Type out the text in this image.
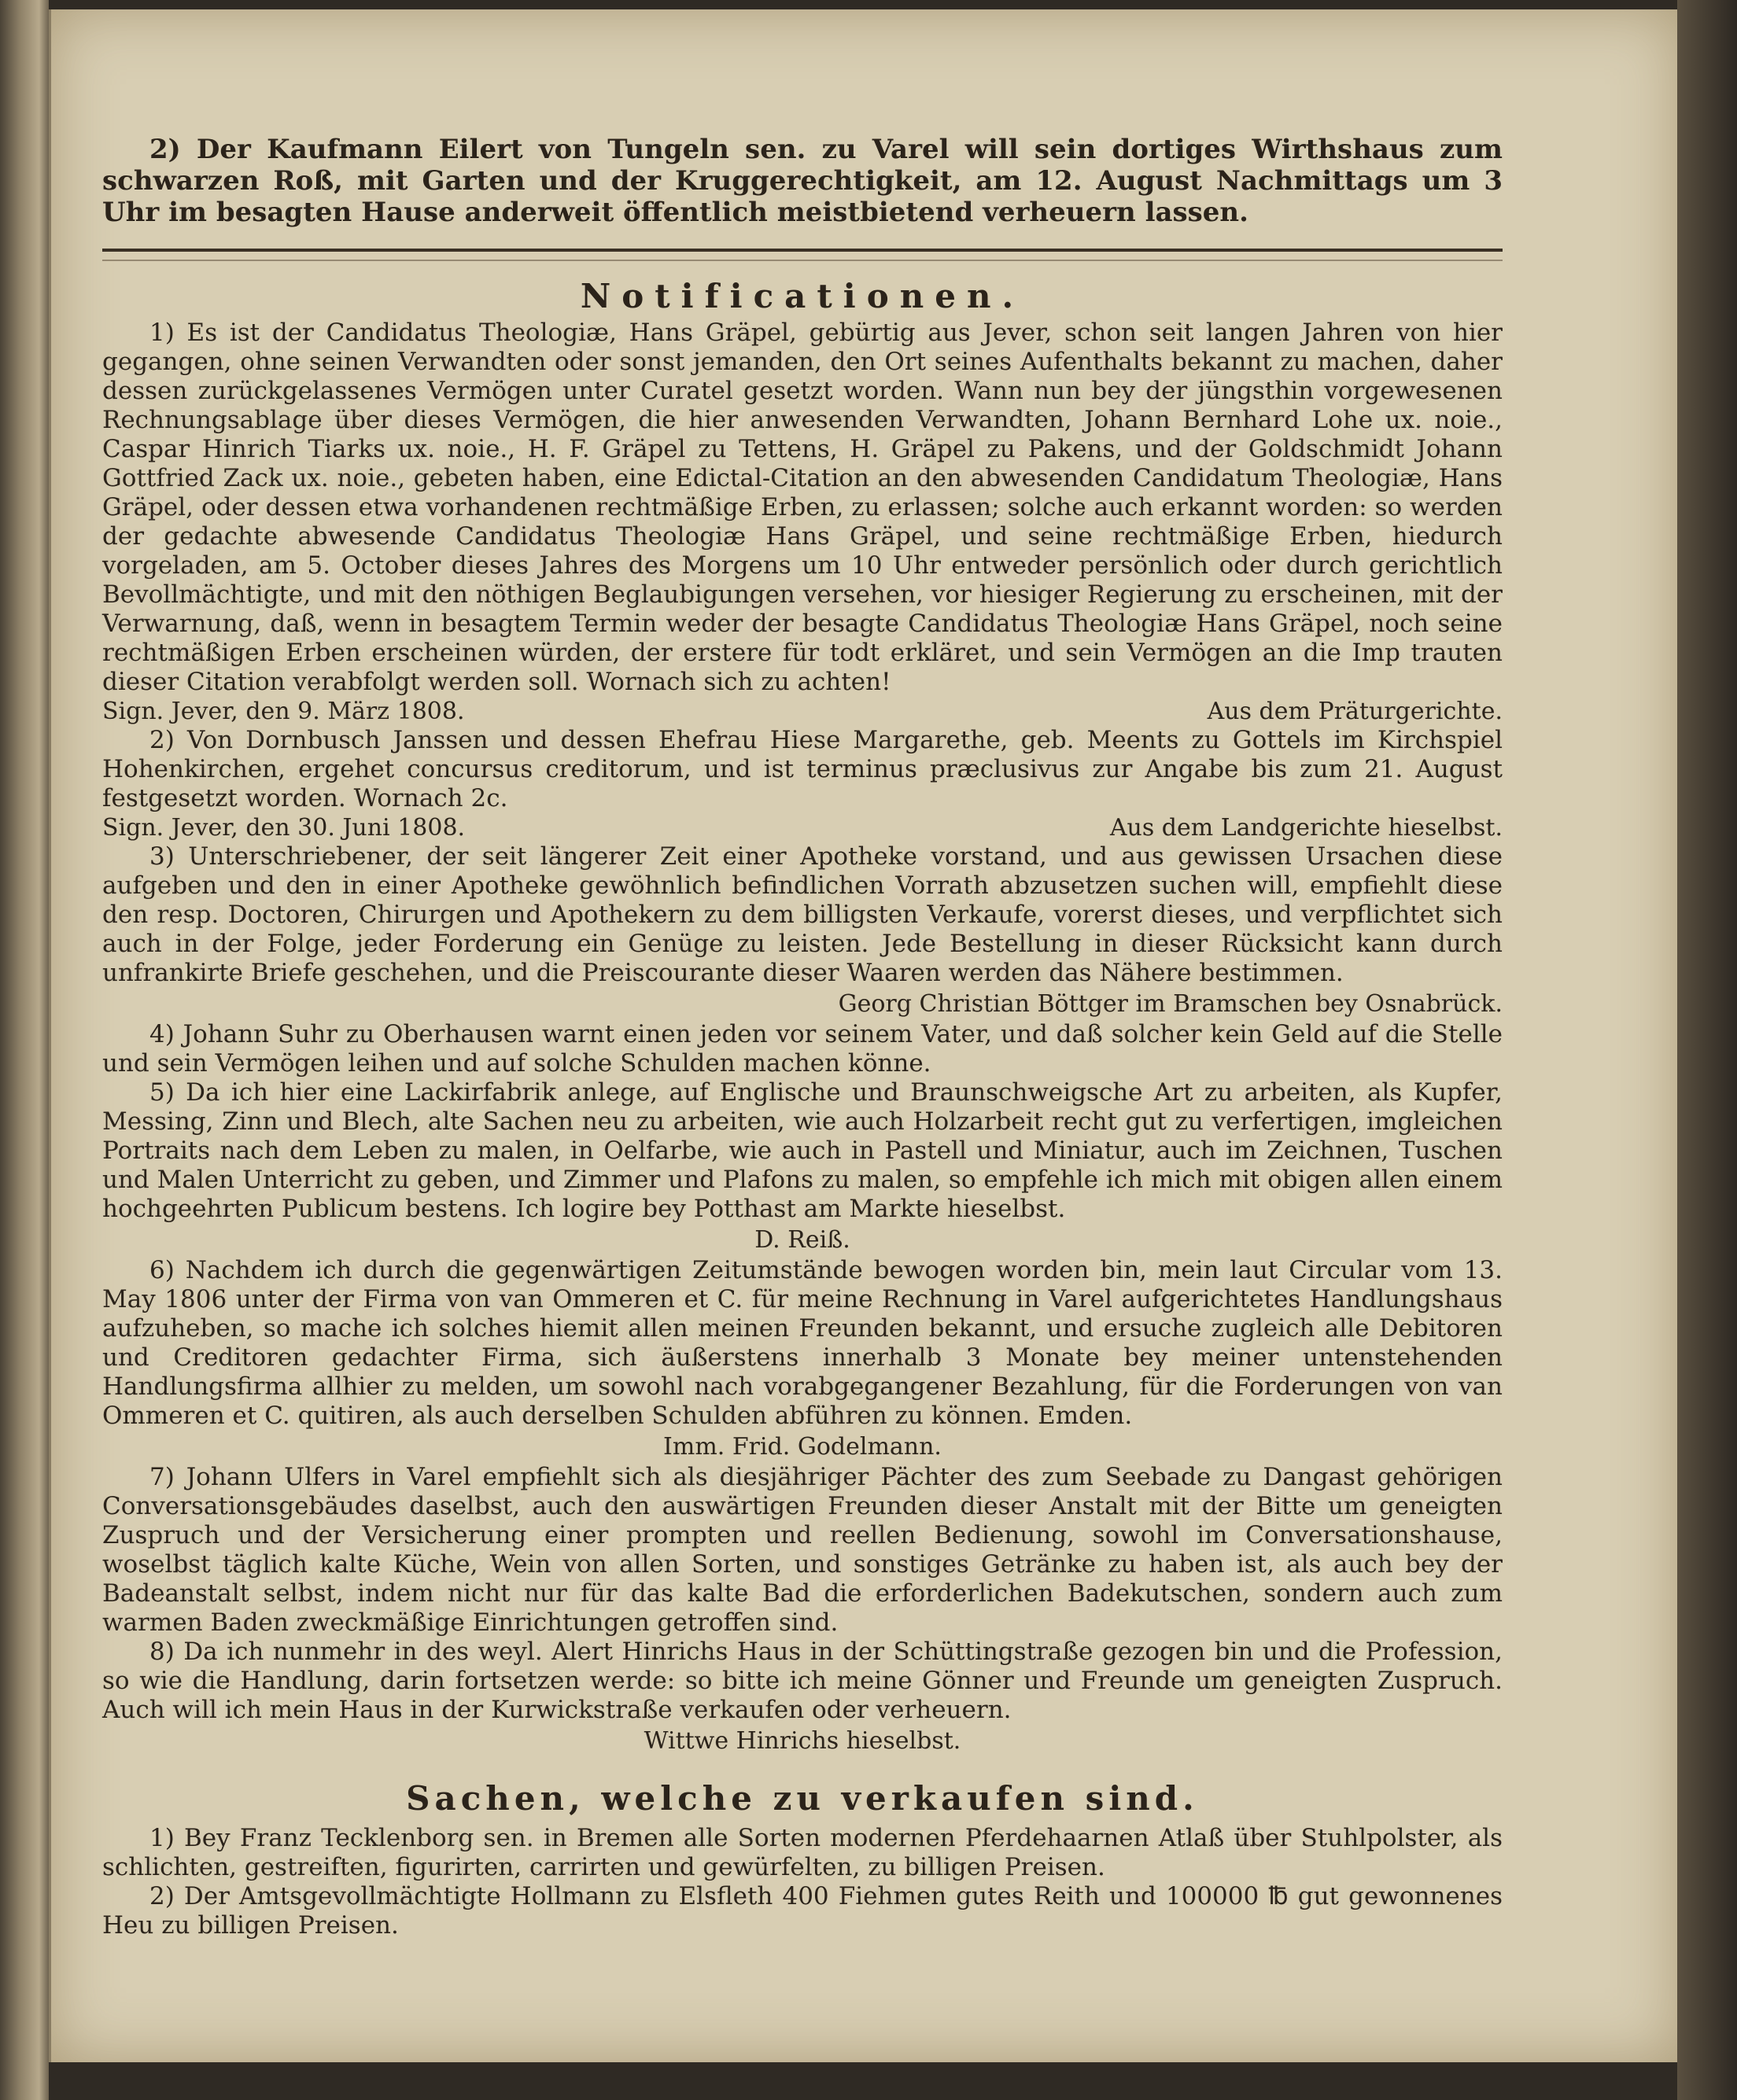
2) Der Kaufmann Eilert von Tungeln sen. zu Varel will sein dortiges Wirthshaus zum schwarzen Roß, mit Garten und der Kruggerechtigkeit, am 12. August Nachmittags um 3 Uhr im besagten Hause anderweit öffentlich meistbietend verheuern lassen.

Notificationen.

1) Es ist der Candidatus Theologiæ, Hans Gräpel, gebürtig aus Jever, schon seit langen Jahren von hier gegangen, ohne seinen Verwandten oder sonst jemanden, den Ort seines Aufenthalts bekannt zu machen, daher dessen zurückgelassenes Vermögen unter Curatel gesetzt worden. Wann nun bey der jüngsthin vorgewesenen Rechnungsablage über dieses Vermögen, die hier anwesenden Verwandten, Johann Bernhard Lohe ux. noie., Caspar Hinrich Tiarks ux. noie., H. F. Gräpel zu Tettens, H. Gräpel zu Pakens, und der Goldschmidt Johann Gottfried Zack ux. noie., gebeten haben, eine Edictal-Citation an den abwesenden Candidatum Theologiæ, Hans Gräpel, oder dessen etwa vorhandenen rechtmäßige Erben, zu erlassen; solche auch erkannt worden: so werden der gedachte abwesende Candidatus Theologiæ Hans Gräpel, und seine rechtmäßige Erben, hiedurch vorgeladen, am 5. October dieses Jahres des Morgens um 10 Uhr entweder persönlich oder durch gerichtlich Bevollmächtigte, und mit den nöthigen Beglaubigungen versehen, vor hiesiger Regierung zu erscheinen, mit der Verwarnung, daß, wenn in besagtem Termin weder der besagte Candidatus Theologiæ Hans Gräpel, noch seine rechtmäßigen Erben erscheinen würden, der erstere für todt erkläret, und sein Vermögen an die Imp trauten dieser Citation verabfolgt werden soll. Wornach sich zu achten!

Sign. Jever, den 9. März 1808.	Aus dem Präturgerichte.

2) Von Dornbusch Janssen und dessen Ehefrau Hiese Margarethe, geb. Meents zu Gottels im Kirchspiel Hohenkirchen, ergehet concursus creditorum, und ist terminus præclusivus zur Angabe bis zum 21. August festgesetzt worden. Wornach 2c.

Sign. Jever, den 30. Juni 1808.	Aus dem Landgerichte hieselbst.

3) Unterschriebener, der seit längerer Zeit einer Apotheke vorstand, und aus gewissen Ursachen diese aufgeben und den in einer Apotheke gewöhnlich befindlichen Vorrath abzusetzen suchen will, empfiehlt diese den resp. Doctoren, Chirurgen und Apothekern zu dem billigsten Verkaufe, vorerst dieses, und verpflichtet sich auch in der Folge, jeder Forderung ein Genüge zu leisten. Jede Bestellung in dieser Rücksicht kann durch unfrankirte Briefe geschehen, und die Preiscourante dieser Waaren werden das Nähere bestimmen.

Georg Christian Böttger im Bramschen bey Osnabrück.

4) Johann Suhr zu Oberhausen warnt einen jeden vor seinem Vater, und daß solcher kein Geld auf die Stelle und sein Vermögen leihen und auf solche Schulden machen könne.

5) Da ich hier eine Lackirfabrik anlege, auf Englische und Braunschweigsche Art zu arbeiten, als Kupfer, Messing, Zinn und Blech, alte Sachen neu zu arbeiten, wie auch Holzarbeit recht gut zu verfertigen, imgleichen Portraits nach dem Leben zu malen, in Oelfarbe, wie auch in Pastell und Miniatur, auch im Zeichnen, Tuschen und Malen Unterricht zu geben, und Zimmer und Plafons zu malen, so empfehle ich mich mit obigen allen einem hochgeehrten Publicum bestens. Ich logire bey Potthast am Markte hieselbst.

D. Reiß.

6) Nachdem ich durch die gegenwärtigen Zeitumstände bewogen worden bin, mein laut Circular vom 13. May 1806 unter der Firma von van Ommeren et C. für meine Rechnung in Varel aufgerichtetes Handlungshaus aufzuheben, so mache ich solches hiemit allen meinen Freunden bekannt, und ersuche zugleich alle Debitoren und Creditoren gedachter Firma, sich äußerstens innerhalb 3 Monate bey meiner untenstehenden Handlungsfirma allhier zu melden, um sowohl nach vorabgegangener Bezahlung, für die Forderungen von van Ommeren et C. quitiren, als auch derselben Schulden abführen zu können. Emden.

Imm. Frid. Godelmann.

7) Johann Ulfers in Varel empfiehlt sich als diesjähriger Pächter des zum Seebade zu Dangast gehörigen Conversationsgebäudes daselbst, auch den auswärtigen Freunden dieser Anstalt mit der Bitte um geneigten Zuspruch und der Versicherung einer prompten und reellen Bedienung, sowohl im Conversationshause, woselbst täglich kalte Küche, Wein von allen Sorten, und sonstiges Getränke zu haben ist, als auch bey der Badeanstalt selbst, indem nicht nur für das kalte Bad die erforderlichen Badekutschen, sondern auch zum warmen Baden zweckmäßige Einrichtungen getroffen sind.

8) Da ich nunmehr in des weyl. Alert Hinrichs Haus in der Schüttingstraße gezogen bin und die Profession, so wie die Handlung, darin fortsetzen werde: so bitte ich meine Gönner und Freunde um geneigten Zuspruch. Auch will ich mein Haus in der Kurwickstraße verkaufen oder verheuern.

Wittwe Hinrichs hieselbst.
Sachen, welche zu verkaufen sind.

1) Bey Franz Tecklenborg sen. in Bremen alle Sorten modernen Pferdehaarnen Atlaß über Stuhlpolster, als schlichten, gestreiften, figurirten, carrirten und gewürfelten, zu billigen Preisen.

2) Der Amtsgevollmächtigte Hollmann zu Elsfleth 400 Fiehmen gutes Reith und 100000 ℔ gut gewonnenes Heu zu billigen Preisen.
